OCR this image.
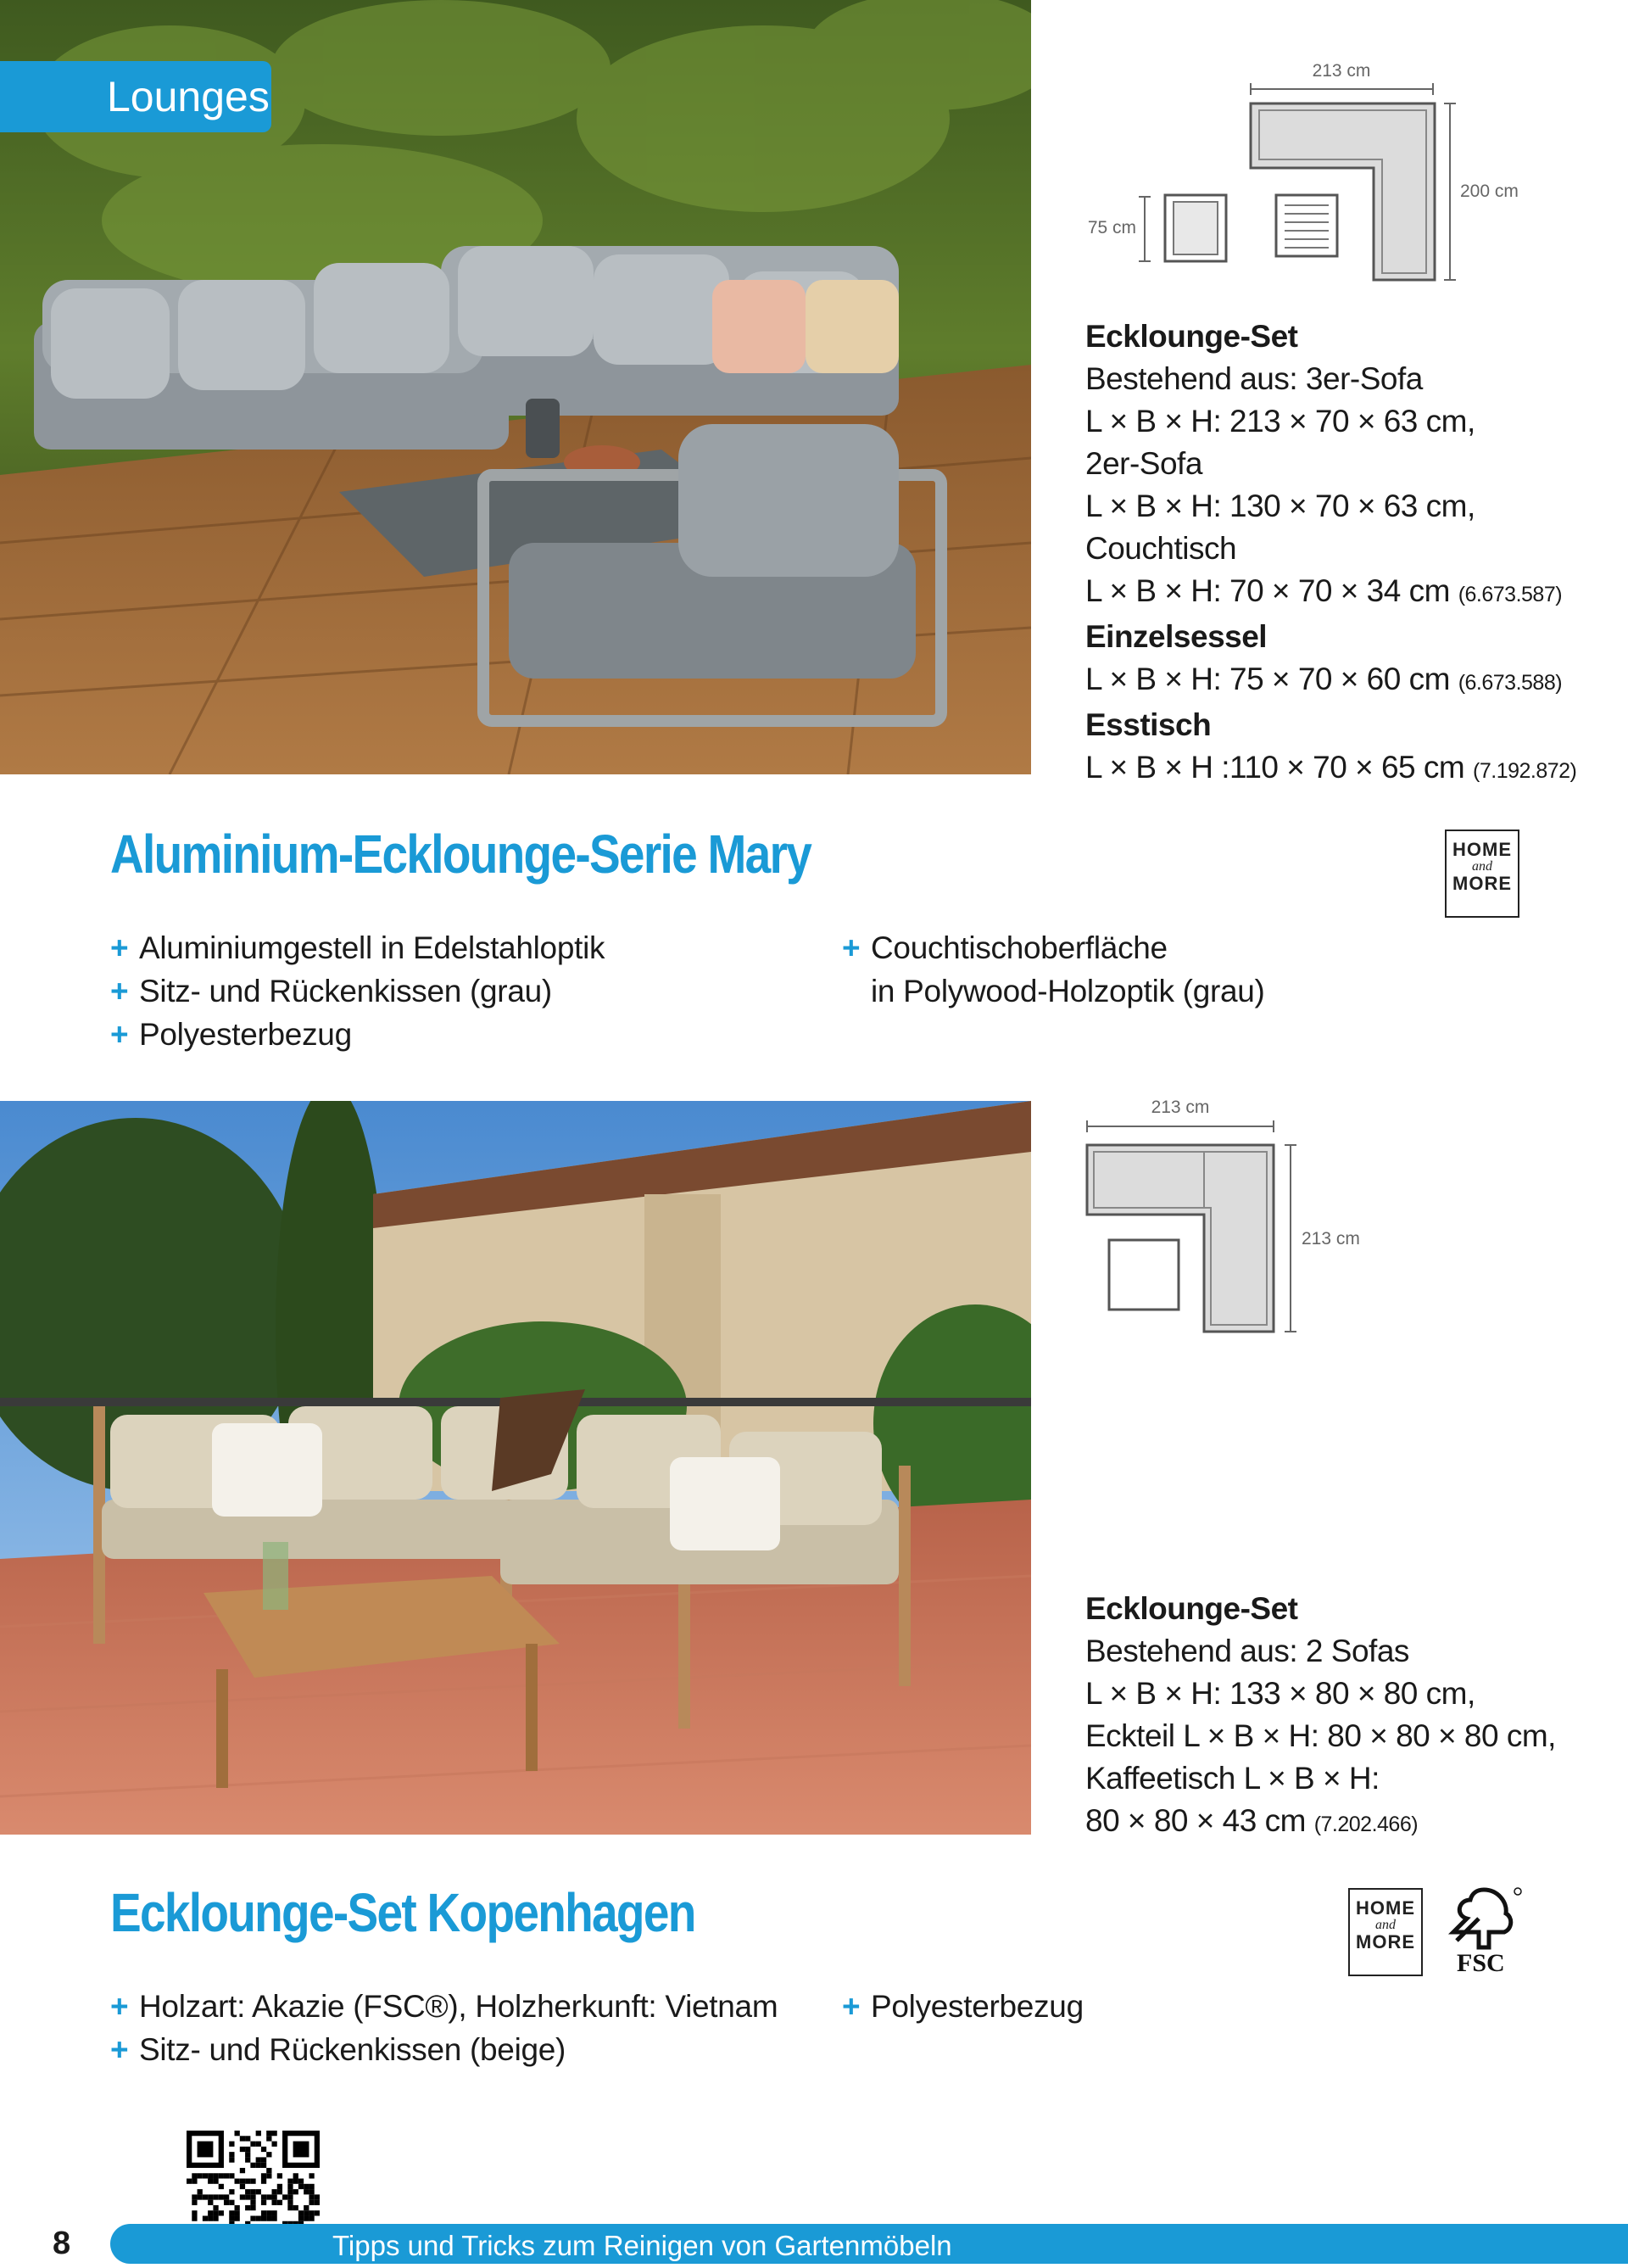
Lounges
213 cm
200 cm
75 cm
Ecklounge-Set
Bestehend aus: 3er-Sofa
L × B × H: 213 × 70 × 63 cm,
2er-Sofa
L × B × H: 130 × 70 × 63 cm,
Couchtisch
L × B × H: 70 × 70 × 34 cm (6.673.587)
Einzelsessel
L × B × H: 75 × 70 × 60 cm (6.673.588)
Esstisch
L × B × H :110 × 70 × 65 cm (7.192.872)
Aluminium-Ecklounge-Serie Mary	HOME
and
MORE
+ Aluminiumgestell in Edelstahloptik
+ Sitz- und Rückenkissen (grau)
+ Polyesterbezug
+ Couchtischoberfläche
in Polywood-Holzoptik (grau)
213 cm
213 cm
Ecklounge-Set
Bestehend aus: 2 Sofas
L × B × H: 133 × 80 × 80 cm,
Eckteil L × B × H: 80 × 80 × 80 cm,
Kaffeetisch L × B × H:
80 × 80 × 43 cm (7.202.466)
Ecklounge-Set Kopenhagen	HOME
and
MORE
FSC
+ Holzart: Akazie (FSC®), Holzherkunft: Vietnam
+ Sitz- und Rückenkissen (beige)
+ Polyesterbezug
Tipps und Tricks zum Reinigen von Gartenmöbeln
8
